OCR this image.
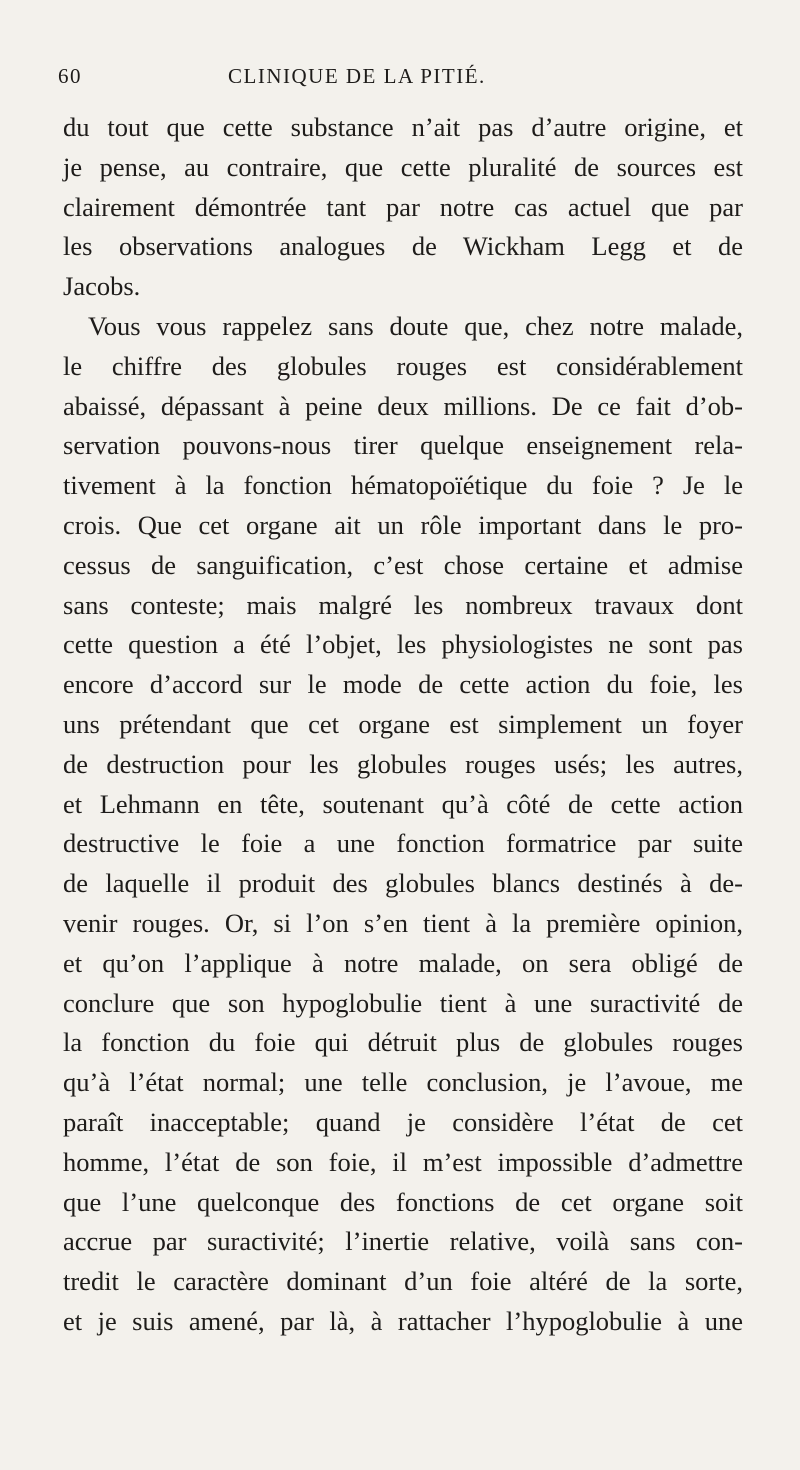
60	CLINIQUE DE LA PITIÉ.
du tout que cette substance n’ait pas d’autre origine, et
je pense, au contraire, que cette pluralité de sources est
clairement démontrée tant par notre cas actuel que par
les observations analogues de Wickham Legg et de
Jacobs.
Vous vous rappelez sans doute que, chez notre malade,
le chiffre des globules rouges est considérablement
abaissé, dépassant à peine deux millions. De ce fait d’ob-
servation pouvons-nous tirer quelque enseignement rela-
tivement à la fonction hématopoïétique du foie ? Je le
crois. Que cet organe ait un rôle important dans le pro-
cessus de sanguification, c’est chose certaine et admise
sans conteste; mais malgré les nombreux travaux dont
cette question a été l’objet, les physiologistes ne sont pas
encore d’accord sur le mode de cette action du foie, les
uns prétendant que cet organe est simplement un foyer
de destruction pour les globules rouges usés; les autres,
et Lehmann en tête, soutenant qu’à côté de cette action
destructive le foie a une fonction formatrice par suite
de laquelle il produit des globules blancs destinés à de-
venir rouges. Or, si l’on s’en tient à la première opinion,
et qu’on l’applique à notre malade, on sera obligé de
conclure que son hypoglobulie tient à une suractivité de
la fonction du foie qui détruit plus de globules rouges
qu’à l’état normal; une telle conclusion, je l’avoue, me
paraît inacceptable; quand je considère l’état de cet
homme, l’état de son foie, il m’est impossible d’admettre
que l’une quelconque des fonctions de cet organe soit
accrue par suractivité; l’inertie relative, voilà sans con-
tredit le caractère dominant d’un foie altéré de la sorte,
et je suis amené, par là, à rattacher l’hypoglobulie à une
